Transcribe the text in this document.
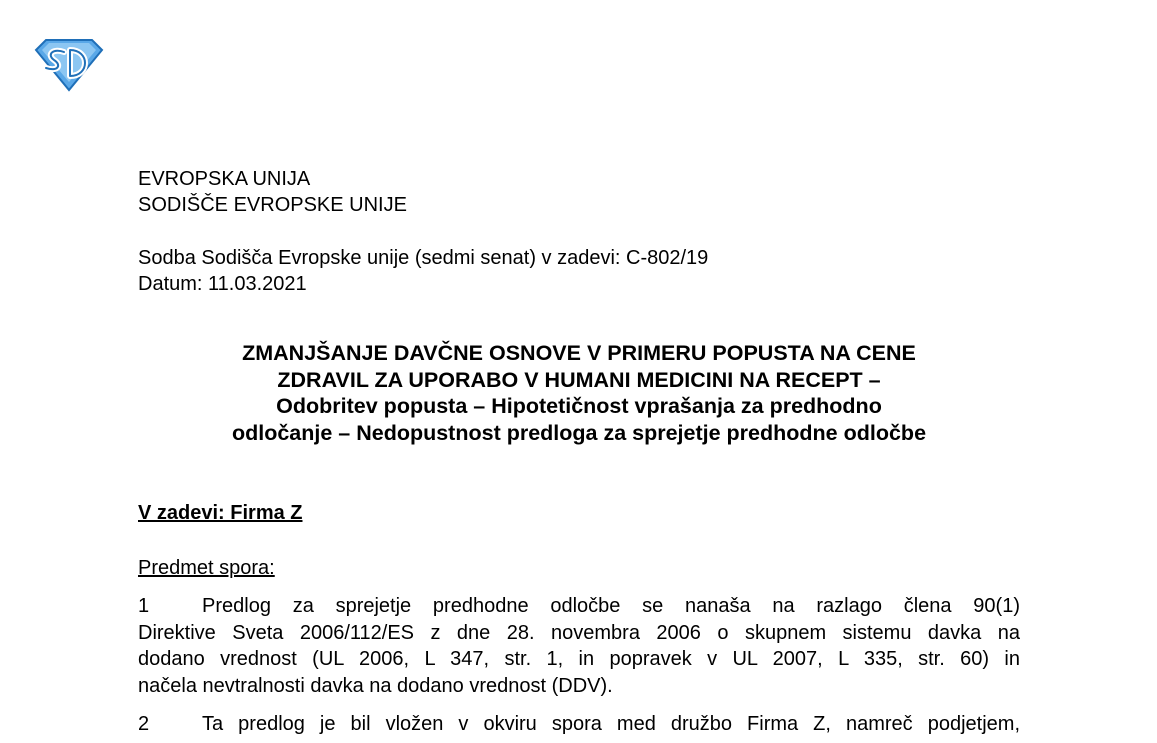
EVROPSKA UNIJA
SODIŠČE EVROPSKE UNIJE
Sodba Sodišča Evropske unije (sedmi senat) v zadevi: C-802/19
Datum: 11.03.2021
ZMANJŠANJE DAVČNE OSNOVE V PRIMERU POPUSTA NA CENE
ZDRAVIL ZA UPORABO V HUMANI MEDICINI NA RECEPT –
Odobritev popusta – Hipotetičnost vprašanja za predhodno
odločanje – Nedopustnost predloga za sprejetje predhodne odločbe
V zadevi: Firma Z
Predmet spora:
1	Predlog za sprejetje predhodne odločbe se nanaša na razlago člena 90(1)
Direktive Sveta 2006/112/ES z dne 28. novembra 2006 o skupnem sistemu davka na
dodano vrednost (UL 2006, L 347, str. 1, in popravek v UL 2007, L 335, str. 60) in
načela nevtralnosti davka na dodano vrednost (DDV).
2	Ta predlog je bil vložen v okviru spora med družbo Firma Z, namreč podjetjem,
